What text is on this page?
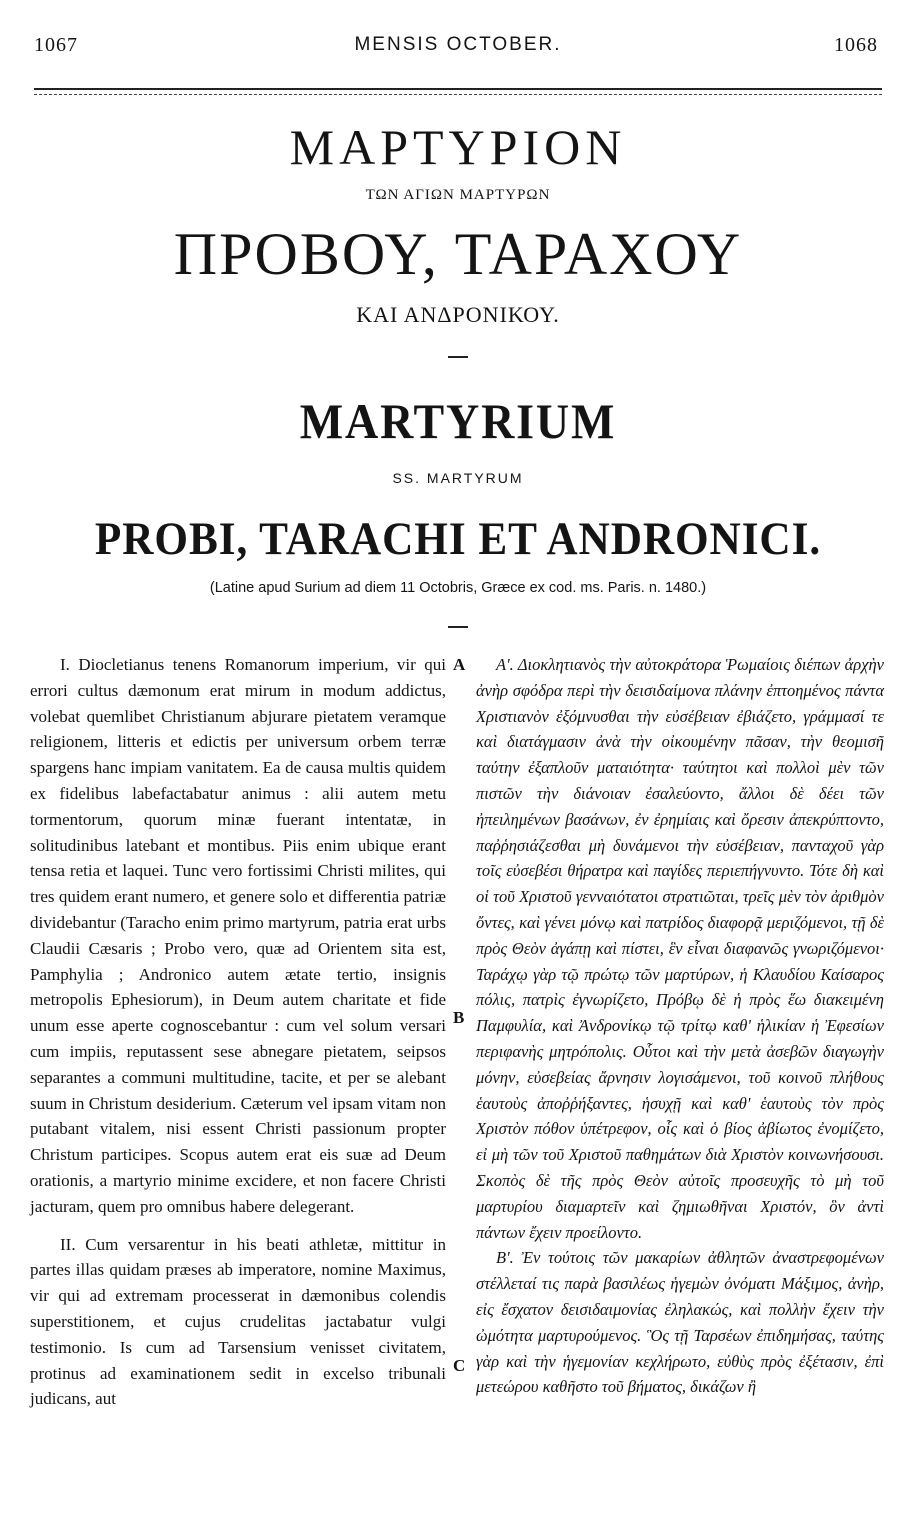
1067	MENSIS OCTOBER.	1068
ΜΑΡΤΥΡΙΟΝ
ΤΩΝ ΑΓΙΩΝ ΜΑΡΤΥΡΩΝ
ΠΡΟΒΟΥ, ΤΑΡΑΧΟΥ
ΚΑΙ ΑΝΔΡΟΝΙΚΟΥ.
MARTYRIUM
SS. MARTYRUM
PROBI, TARACHI ET ANDRONICI.
(Latine apud Surium ad diem 11 Octobris, Græce ex cod. ms. Paris. n. 1480.)

I. Diocletianus tenens Romanorum imperium, vir qui errori cultus dæmonum erat mirum in modum addictus, volebat quemlibet Christianum abjurare pietatem veramque religionem, litteris et edictis per universum orbem terræ spargens hanc impiam vanitatem. Ea de causa multis quidem ex fidelibus labefactabatur animus : alii autem metu tormentorum, quorum minæ fuerant intentatæ, in solitudinibus latebant et montibus. Piis enim ubique erant tensa retia et laquei. Tunc vero fortissimi Christi milites, qui tres quidem erant numero, et genere solo et differentia patriæ dividebantur (Taracho enim primo martyrum, patria erat urbs Claudii Cæsaris ; Probo vero, quæ ad Orientem sita est, Pamphylia ; Andronico autem ætate tertio, insignis metropolis Ephesiorum), in Deum autem charitate et fide unum esse aperte cognoscebantur : cum vel solum versari cum impiis, reputassent sese abnegare pietatem, seipsos separantes a communi multitudine, tacite, et per se alebant suum in Christum desiderium. Cæterum vel ipsam vitam non putabant vitalem, nisi essent Christi passionum propter Christum participes. Scopus autem erat eis suæ ad Deum orationis, a martyrio minime excidere, et non facere Christi jacturam, quem pro omnibus habere delegerant.

II. Cum versarentur in his beati athletæ, mittitur in partes illas quidam præses ab imperatore, nomine Maximus, vir qui ad extremam processerat in dæmonibus colendis superstitionem, et cujus crudelitas jactabatur vulgi testimonio. Is cum ad Tarsensium venisset civitatem, protinus ad examinationem sedit in excelso tribunali judicans, aut

A
B
C

Α'. Διοκλητιανὸς τὴν αὐτοκράτορα Ῥωμαίοις διέπων ἀρχὴν ἀνὴρ σφόδρα περὶ τὴν δεισιδαίμονα πλάνην ἐπτοημένος πάντα Χριστιανὸν ἐξόμνυσθαι τὴν εὐσέβειαν ἐβιάζετο, γράμμασί τε καὶ διατάγμασιν ἀνὰ τὴν οἰκουμένην πᾶσαν, τὴν θεομισῆ ταύτην ἐξαπλοῦν ματαιότητα· ταύτητοι καὶ πολλοὶ μὲν τῶν πιστῶν τὴν διάνοιαν ἐσαλεύοντο, ἄλλοι δὲ δέει τῶν ἠπειλημένων βασάνων, ἐν ἐρημίαις καὶ ὄρεσιν ἀπεκρύπτοντο, παῤῥησιάζεσθαι μὴ δυνάμενοι τὴν εὐσέβειαν, πανταχοῦ γὰρ τοῖς εὐσεβέσι θήρατρα καὶ παγίδες περιεπήγνυντο. Τότε δὴ καὶ οἱ τοῦ Χριστοῦ γενναιότατοι στρατιῶται, τρεῖς μὲν τὸν ἀριθμὸν ὄντες, καὶ γένει μόνῳ καὶ πατρίδος διαφορᾷ μεριζόμενοι, τῇ δὲ πρὸς Θεὸν ἀγάπῃ καὶ πίστει, ἓν εἶναι διαφανῶς γνωριζόμενοι· Ταράχῳ γὰρ τῷ πρώτῳ τῶν μαρτύρων, ἡ Κλαυδίου Καίσαρος πόλις, πατρὶς ἐγνωρίζετο, Πρόβῳ δὲ ἡ πρὸς ἕω διακειμένη Παμφυλία, καὶ Ἀνδρονίκῳ τῷ τρίτῳ καθ' ἡλικίαν ἡ Ἐφεσίων περιφανὴς μητρόπολις. Οὗτοι καὶ τὴν μετὰ ἀσεβῶν διαγωγὴν μόνην, εὐσεβείας ἄρνησιν λογισάμενοι, τοῦ κοινοῦ πλήθους ἑαυτοὺς ἀποῤῥήξαντες, ἡσυχῇ καὶ καθ' ἑαυτοὺς τὸν πρὸς Χριστὸν πόθον ὑπέτρεφον, οἷς καὶ ὁ βίος ἀβίωτος ἐνομίζετο, εἰ μὴ τῶν τοῦ Χριστοῦ παθημάτων διὰ Χριστὸν κοινωνήσουσι. Σκοπὸς δὲ τῆς πρὸς Θεὸν αὐτοῖς προσευχῆς τὸ μὴ τοῦ μαρτυρίου διαμαρτεῖν καὶ ζημιωθῆναι Χριστόν, ὃν ἀντὶ πάντων ἔχειν προείλοντο.

Β'. Ἐν τούτοις τῶν μακαρίων ἀθλητῶν ἀναστρεφομένων στέλλεταί τις παρὰ βασιλέως ἡγεμὼν ὀνόματι Μάξιμος, ἀνὴρ, εἰς ἔσχατον δεισιδαιμονίας ἐληλακώς, καὶ πολλὴν ἔχειν τὴν ὠμότητα μαρτυρούμενος. Ὃς τῇ Ταρσέων ἐπιδημήσας, ταύτης γὰρ καὶ τὴν ἡγεμονίαν κεχλήρωτο, εὐθὺς πρὸς ἐξέτασιν, ἐπὶ μετεώρου καθῆστο τοῦ βήματος, δικάζων ἢ
